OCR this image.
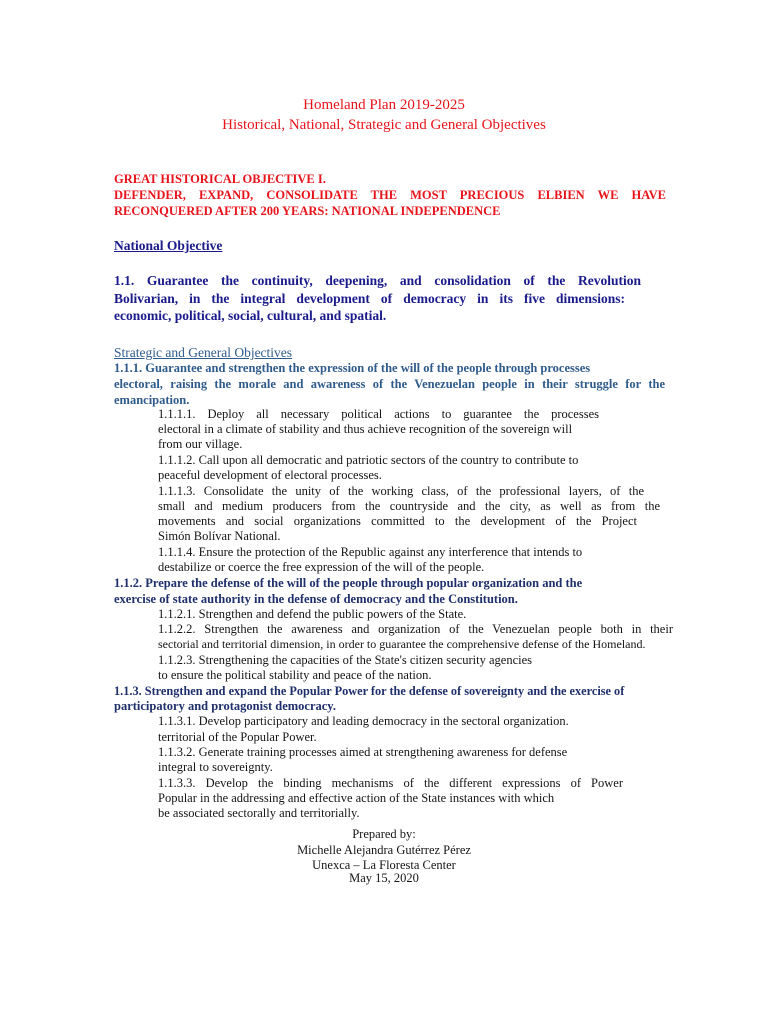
Homeland Plan 2019-2025
Historical, National, Strategic and General Objectives
GREAT HISTORICAL OBJECTIVE I.
DEFENDER, EXPAND, CONSOLIDATE THE MOST PRECIOUS ELBIEN WE HAVE
RECONQUERED AFTER 200 YEARS: NATIONAL INDEPENDENCE
National Objective
1.1. Guarantee the continuity, deepening, and consolidation of the Revolution
Bolivarian, in the integral development of democracy in its five dimensions:
economic, political, social, cultural, and spatial.
Strategic and General Objectives
1.1.1. Guarantee and strengthen the expression of the will of the people through processes
electoral, raising the morale and awareness of the Venezuelan people in their struggle for the
emancipation.
1.1.1.1. Deploy all necessary political actions to guarantee the processes
electoral in a climate of stability and thus achieve recognition of the sovereign will
from our village.
1.1.1.2. Call upon all democratic and patriotic sectors of the country to contribute to
peaceful development of electoral processes.
1.1.1.3. Consolidate the unity of the working class, of the professional layers, of the
small and medium producers from the countryside and the city, as well as from the
movements and social organizations committed to the development of the Project
Simón Bolívar National.
1.1.1.4. Ensure the protection of the Republic against any interference that intends to
destabilize or coerce the free expression of the will of the people.
1.1.2. Prepare the defense of the will of the people through popular organization and the
exercise of state authority in the defense of democracy and the Constitution.
1.1.2.1. Strengthen and defend the public powers of the State.
1.1.2.2. Strengthen the awareness and organization of the Venezuelan people both in their
sectorial and territorial dimension, in order to guarantee the comprehensive defense of the Homeland.
1.1.2.3. Strengthening the capacities of the State's citizen security agencies
to ensure the political stability and peace of the nation.
1.1.3. Strengthen and expand the Popular Power for the defense of sovereignty and the exercise of
participatory and protagonist democracy.
1.1.3.1. Develop participatory and leading democracy in the sectoral organization.
territorial of the Popular Power.
1.1.3.2. Generate training processes aimed at strengthening awareness for defense
integral to sovereignty.
1.1.3.3. Develop the binding mechanisms of the different expressions of Power
Popular in the addressing and effective action of the State instances with which
be associated sectorally and territorially.
Prepared by:
Michelle Alejandra Gutérrez Pérez
Unexca – La Floresta Center
May 15, 2020
